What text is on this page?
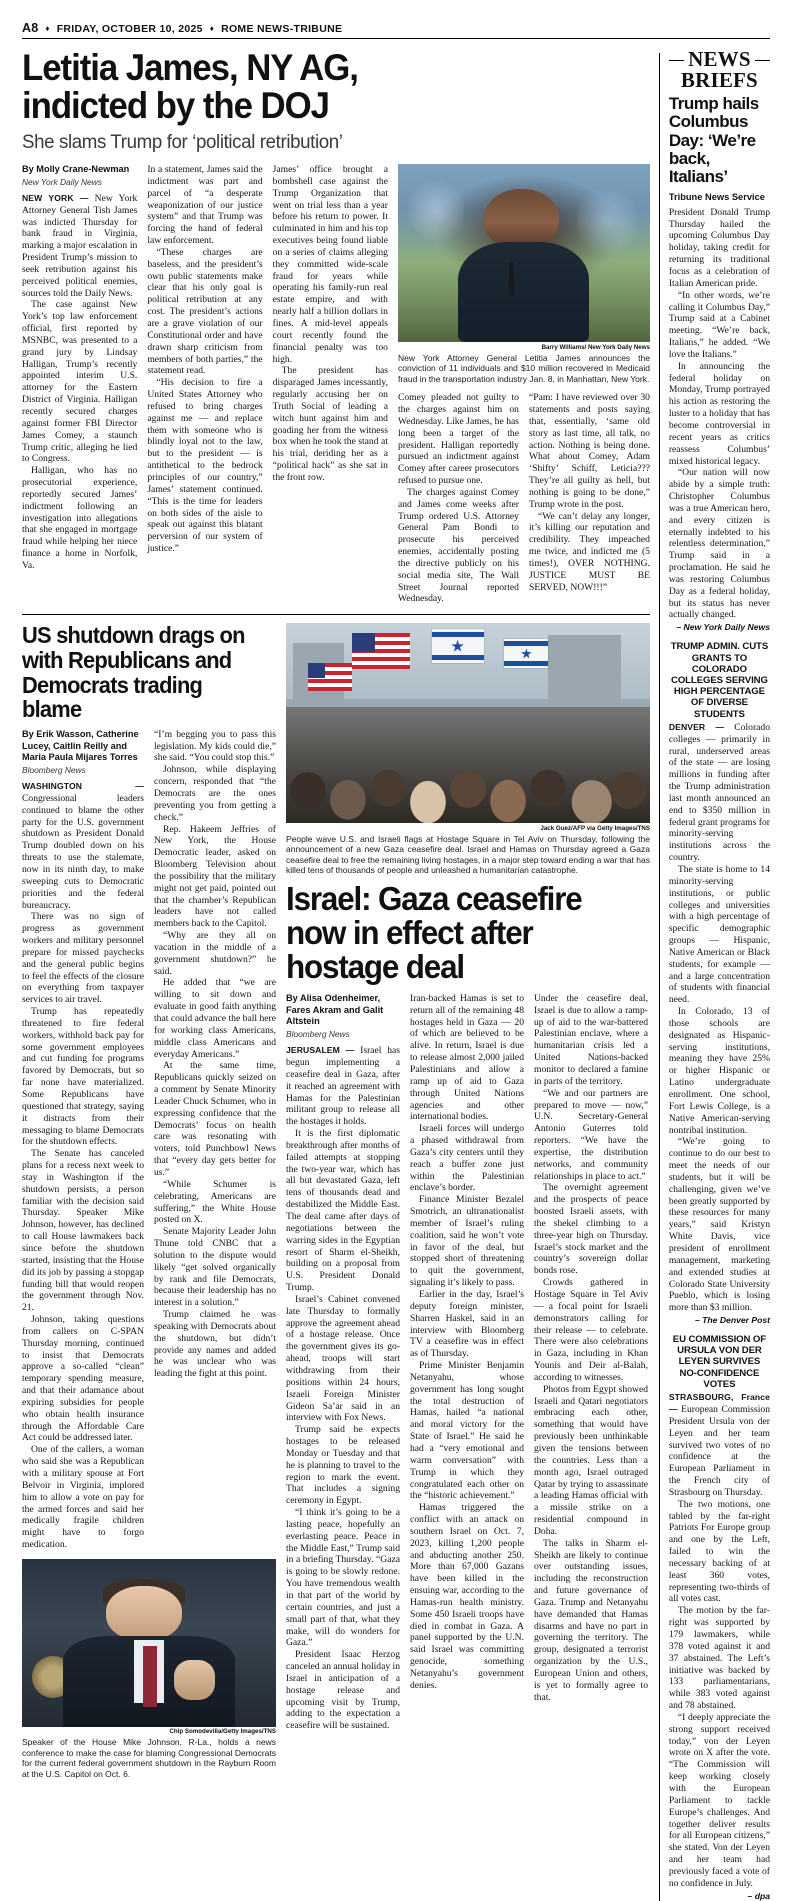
A8 ♦ FRIDAY, OCTOBER 10, 2025 ♦ ROME NEWS-TRIBUNE
Letitia James, NY AG, indicted by the DOJ
She slams Trump for ‘political retribution’
By Molly Crane-Newman
New York Daily News

NEW YORK — New York Attorney General Tish James was indicted Thursday for bank fraud in Virginia, marking a major escalation in President Trump’s mission to seek retribution against his perceived political enemies, sources told the Daily News.

The case against New York’s top law enforcement official, first reported by MSNBC, was presented to a grand jury by Lindsay Halligan, Trump’s recently appointed interim U.S. attorney for the Eastern District of Virginia. Halligan recently secured charges against former FBI Director James Comey, a staunch Trump critic, alleging he lied to Congress.

Halligan, who has no prosecutorial experience, reportedly secured James’ indictment following an investigation into allegations that she engaged in mortgage fraud while helping her niece finance a home in Norfolk, Va.

In a statement, James said the indictment was part and parcel of “a desperate weaponization of our justice system” and that Trump was forcing the hand of federal law enforcement.

“These charges are baseless, and the president’s own public statements make clear that his only goal is political retribution at any cost. The president’s actions are a grave violation of our Constitutional order and have drawn sharp criticism from members of both parties,” the statement read.

“His decision to fire a United States Attorney who refused to bring charges against me — and replace them with someone who is blindly loyal not to the law, but to the president — is antithetical to the bedrock principles of our country,” James’ statement continued. “This is the time for leaders on both sides of the aisle to speak out against this blatant perversion of our system of justice.”

James’ office brought a bombshell case against the Trump Organization that went on trial less than a year before his return to power. It culminated in him and his top executives being found liable on a series of claims alleging they committed wide-scale fraud for years while operating his family-run real estate empire, and with nearly half a billion dollars in fines. A mid-level appeals court recently found the financial penalty was too high.

The president has disparaged James incessantly, regularly accusing her on Truth Social of leading a witch hunt against him and goading her from the witness box when he took the stand at his trial, deriding her as a “political hack” as she sat in the front row.

Barry Williams/ New York Daily News
New York Attorney General Letitia James announces the conviction of 11 individuals and $10 million recovered in Medicaid fraud in the transportation industry Jan. 8, in Manhattan, New York.

Comey pleaded not guilty to the charges against him on Wednesday. Like James, he has long been a target of the president. Halligan reportedly pursued an indictment against Comey after career prosecutors refused to pursue one.

The charges against Comey and James come weeks after Trump ordered U.S. Attorney General Pam Bondi to prosecute his perceived enemies, accidentally posting the directive publicly on his social media site, The Wall Street Journal reported Wednesday.

“Pam: I have reviewed over 30 statements and posts saying that, essentially, ‘same old story as last time, all talk, no action. Nothing is being done. What about Comey, Adam ‘Shifty’ Schiff, Leticia??? They’re all guilty as hell, but nothing is going to be done,” Trump wrote in the post.

“We can’t delay any longer, it’s killing our reputation and credibility. They impeached me twice, and indicted me (5 times!), OVER NOTHING. JUSTICE MUST BE SERVED, NOW!!!”

US shutdown drags on with Republicans and Democrats trading blame
By Erik Wasson, Catherine Lucey, Caitlin Reilly and Maria Paula Mijares Torres
Bloomberg News

WASHINGTON — Congressional leaders continued to blame the other party for the U.S. government shutdown as President Donald Trump doubled down on his threats to use the stalemate, now in its ninth day, to make sweeping cuts to Democratic priorities and the federal bureaucracy.

There was no sign of progress as government workers and military personnel prepare for missed paychecks and the general public begins to feel the effects of the closure on everything from taxpayer services to air travel.

Trump has repeatedly threatened to fire federal workers, withhold back pay for some government employees and cut funding for programs favored by Democrats, but so far none have materialized. Some Republicans have questioned that strategy, saying it distracts from their messaging to blame Democrats for the shutdown effects.

The Senate has canceled plans for a recess next week to stay in Washington if the shutdown persists, a person familiar with the decision said Thursday. Speaker Mike Johnson, however, has declined to call House lawmakers back since before the shutdown started, insisting that the House did its job by passing a stopgap funding bill that would reopen the government through Nov. 21.

Johnson, taking questions from callers on C-SPAN Thursday morning, continued to insist that Democrats approve a so-called “clean” temporary spending measure, and that their adamance about expiring subsidies for people who obtain health insurance through the Affordable Care Act could be addressed later.

One of the callers, a woman who said she was a Republican with a military spouse at Fort Belvoir in Virginia, implored him to allow a vote on pay for the armed forces and said her medically fragile children might have to forgo medication.

“I’m begging you to pass this legislation. My kids could die,” she said. “You could stop this.”

Johnson, while displaying concern, responded that “the Democrats are the ones preventing you from getting a check.”

Rep. Hakeem Jeffries of New York, the House Democratic leader, asked on Bloomberg Television about the possibility that the military might not get paid, pointed out that the chamber’s Republican leaders have not called members back to the Capitol.

“Why are they all on vacation in the middle of a government shutdown?” he said.

He added that “we are willing to sit down and evaluate in good faith anything that could advance the ball here for working class Americans, middle class Americans and everyday Americans.”

At the same time, Republicans quickly seized on a comment by Senate Minority Leader Chuck Schumer, who in expressing confidence that the Democrats’ focus on health care was resonating with voters, told Punchbowl News that “every day gets better for us.”

“While Schumer is celebrating, Americans are suffering,” the White House posted on X.

Senate Majority Leader John Thune told CNBC that a solution to the dispute would likely “get solved organically by rank and file Democrats, because their leadership has no interest in a solution.”

Trump claimed he was speaking with Democrats about the shutdown, but didn’t provide any names and added he was unclear who was leading the fight at this point.

Chip Somodevilla/Getty Images/TNS
Speaker of the House Mike Johnson, R-La., holds a news conference to make the case for blaming Congressional Democrats for the current federal government shutdown in the Rayburn Room at the U.S. Capitol on Oct. 6.
Jack Guez/AFP via Getty Images/TNS
People wave U.S. and Israeli flags at Hostage Square in Tel Aviv on Thursday, following the announcement of a new Gaza ceasefire deal. Israel and Hamas on Thursday agreed a Gaza ceasefire deal to free the remaining living hostages, in a major step toward ending a war that has killed tens of thousands of people and unleashed a humanitarian catastrophe.
Israel: Gaza ceasefire now in effect after hostage deal
By Alisa Odenheimer, Fares Akram and Galit Altstein
Bloomberg News

JERUSALEM — Israel has begun implementing a ceasefire deal in Gaza, after it reached an agreement with Hamas for the Palestinian militant group to release all the hostages it holds.

It is the first diplomatic breakthrough after months of failed attempts at stopping the two-year war, which has all but devastated Gaza, left tens of thousands dead and destabilized the Middle East. The deal came after days of negotiations between the warring sides in the Egyptian resort of Sharm el-Sheikh, building on a proposal from U.S. President Donald Trump.

Israel’s Cabinet convened late Thursday to formally approve the agreement ahead of a hostage release. Once the government gives its go-ahead, troops will start withdrawing from their positions within 24 hours, Israeli Foreign Minister Gideon Sa’ar said in an interview with Fox News.

Trump said he expects hostages to be released Monday or Tuesday and that he is planning to travel to the region to mark the event. That includes a signing ceremony in Egypt.

“I think it’s going to be a lasting peace, hopefully an everlasting peace. Peace in the Middle East,” Trump said in a briefing Thursday. “Gaza is going to be slowly redone. You have tremendous wealth in that part of the world by certain countries, and just a small part of that, what they make, will do wonders for Gaza.”

President Isaac Herzog canceled an annual holiday in Israel in anticipation of a hostage release and upcoming visit by Trump, adding to the expectation a ceasefire will be sustained.

Iran-backed Hamas is set to return all of the remaining 48 hostages held in Gaza — 20 of which are believed to be alive. In return, Israel is due to release almost 2,000 jailed Palestinians and allow a ramp up of aid to Gaza through United Nations agencies and other international bodies.

Israeli forces will undergo a phased withdrawal from Gaza’s city centers until they reach a buffer zone just within the Palestinian enclave’s border.

Finance Minister Bezalel Smotrich, an ultranationalist member of Israel’s ruling coalition, said he won’t vote in favor of the deal, but stopped short of threatening to quit the government, signaling it’s likely to pass.

Earlier in the day, Israel’s deputy foreign minister, Sharren Haskel, said in an interview with Bloomberg TV a ceasefire was in effect as of Thursday.

Prime Minister Benjamin Netanyahu, whose government has long sought the total destruction of Hamas, hailed “a national and moral victory for the State of Israel.” He said he had a “very emotional and warm conversation” with Trump in which they congratulated each other on the “historic achievement.”

Hamas triggered the conflict with an attack on southern Israel on Oct. 7, 2023, killing 1,200 people and abducting another 250. More than 67,000 Gazans have been killed in the ensuing war, according to the Hamas-run health ministry. Some 450 Israeli troops have died in combat in Gaza. A panel supported by the U.N. said Israel was committing genocide, something Netanyahu’s government denies.

Under the ceasefire deal, Israel is due to allow a ramp-up of aid to the war-battered Palestinian enclave, where a humanitarian crisis led a United Nations-backed monitor to declared a famine in parts of the territory.

“We and our partners are prepared to move — now,” U.N. Secretary-General Antonio Guterres told reporters. “We have the expertise, the distribution networks, and community relationships in place to act.”

The overnight agreement and the prospects of peace boosted Israeli assets, with the shekel climbing to a three-year high on Thursday. Israel’s stock market and the country’s sovereign dollar bonds rose.

Crowds gathered in Hostage Square in Tel Aviv — a focal point for Israeli demonstrators calling for their release — to celebrate. There were also celebrations in Gaza, including in Khan Younis and Deir al-Balah, according to witnesses.

Photos from Egypt showed Israeli and Qatari negotiators embracing each other, something that would have previously been unthinkable given the tensions between the countries. Less than a month ago, Israel outraged Qatar by trying to assassinate a leading Hamas official with a missile strike on a residential compound in Doha.

The talks in Sharm el-Sheikh are likely to continue over outstanding issues, including the reconstruction and future governance of Gaza. Trump and Netanyahu have demanded that Hamas disarms and have no part in governing the territory. The group, designated a terrorist organization by the U.S., European Union and others, is yet to formally agree to that.

NEWS
BRIEFS
Trump hails Columbus Day: ‘We’re back, Italians’
Tribune News Service

President Donald Trump Thursday hailed the upcoming Columbus Day holiday, taking credit for returning its traditional focus as a celebration of Italian American pride.

“In other words, we’re calling it Columbus Day,” Trump said at a Cabinet meeting. “We’re back, Italians,” he added. “We love the Italians.”

In announcing the federal holiday on Monday, Trump portrayed his action as restoring the luster to a holiday that has become controversial in recent years as critics reassess Columbus’ mixed historical legacy.

“Our nation will now abide by a simple truth: Christopher Columbus was a true American hero, and every citizen is eternally indebted to his relentless determination,” Trump said in a proclamation. He said he was restoring Columbus Day as a federal holiday, but its status has never actually changed.

– New York Daily News
TRUMP ADMIN. CUTS GRANTS TO COLORADO COLLEGES SERVING HIGH PERCENTAGE OF DIVERSE STUDENTS

DENVER — Colorado colleges — primarily in rural, underserved areas of the state — are losing millions in funding after the Trump administration last month announced an end to $350 million in federal grant programs for minority-serving institutions across the country.

The state is home to 14 minority-serving institutions, or public colleges and universities with a high percentage of specific demographic groups — Hispanic, Native American or Black students, for example — and a large concentration of students with financial need.

In Colorado, 13 of those schools are designated as Hispanic-serving institutions, meaning they have 25% or higher Hispanic or Latino undergraduate enrollment. One school, Fort Lewis College, is a Native American-serving nontribal institution.

“We’re going to continue to do our best to meet the needs of our students, but it will be challenging, given we’ve been greatly supported by these resources for many years,” said Kristyn White Davis, vice president of enrollment management, marketing and extended studies at Colorado State University Pueblo, which is losing more than $3 million.

– The Denver Post
EU COMMISSION OF URSULA VON DER LEYEN SURVIVES NO-CONFIDENCE VOTES

STRASBOURG, France — European Commission President Ursula von der Leyen and her team survived two votes of no confidence at the European Parliament in the French city of Strasbourg on Thursday.

The two motions, one tabled by the far-right Patriots For Europe group and one by the Left, failed to win the necessary backing of at least 360 votes, representing two-thirds of all votes cast.

The motion by the far-right was supported by 179 lawmakers, while 378 voted against it and 37 abstained. The Left’s initiative was backed by 133 parliamentarians, while 383 voted against and 78 abstained.

“I deeply appreciate the strong support received today,” von der Leyen wrote on X after the vote. “The Commission will keep working closely with the European Parliament to tackle Europe’s challenges. And together deliver results for all European citizens,” she stated. Von der Leyen and her team had previously faced a vote of no confidence in July.

– dpa
